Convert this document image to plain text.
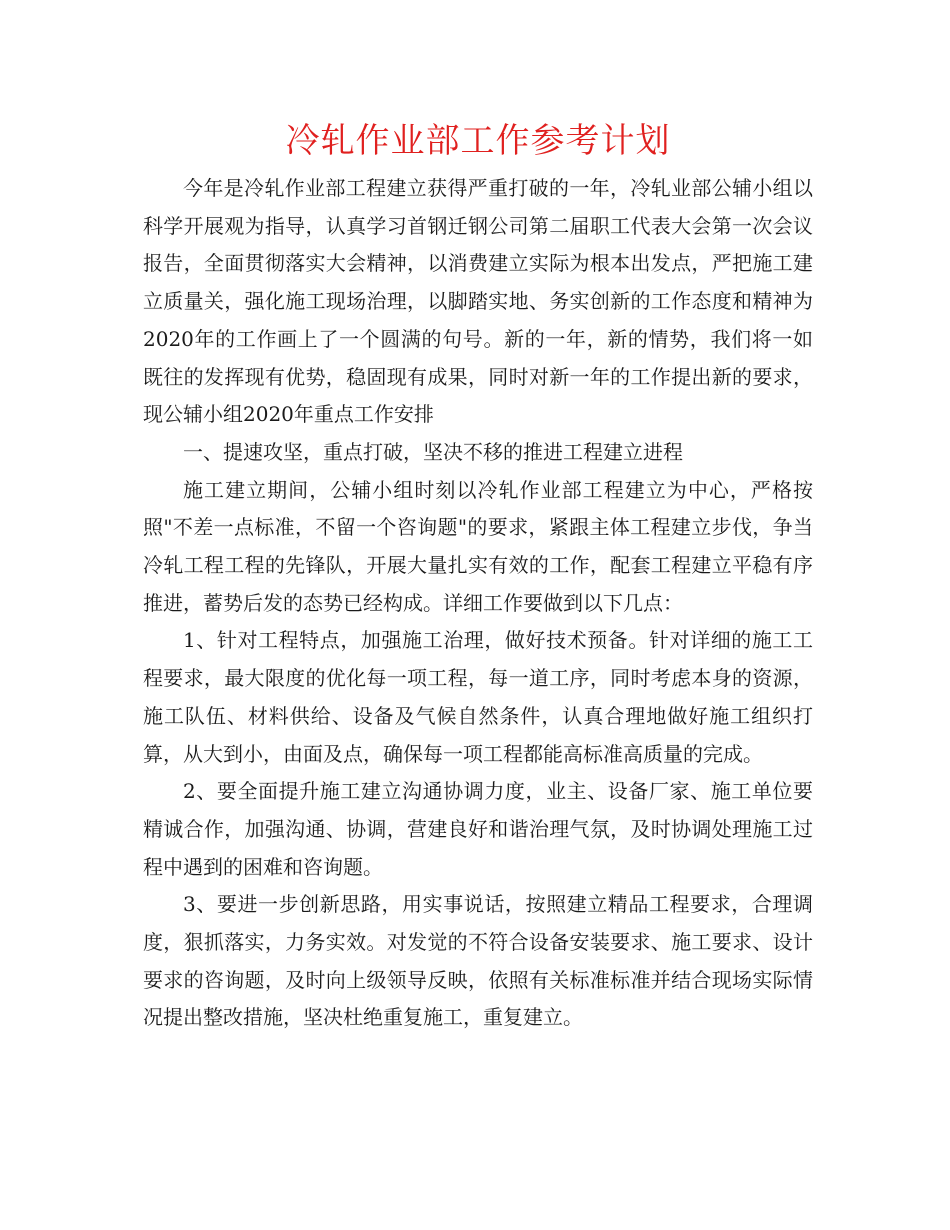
冷轧作业部工作参考计划

今年是冷轧作业部工程建立获得严重打破的一年，冷轧业部公辅小组以科学开展观为指导，认真学习首钢迁钢公司第二届职工代表大会第一次会议报告，全面贯彻落实大会精神，以消费建立实际为根本出发点，严把施工建立质量关，强化施工现场治理，以脚踏实地、务实创新的工作态度和精神为2020年的工作画上了一个圆满的句号。新的一年，新的情势，我们将一如既往的发挥现有优势，稳固现有成果，同时对新一年的工作提出新的要求，现公辅小组2020年重点工作安排

一、提速攻坚，重点打破，坚决不移的推进工程建立进程

施工建立期间，公辅小组时刻以冷轧作业部工程建立为中心，严格按照"不差一点标准，不留一个咨询题"的要求，紧跟主体工程建立步伐，争当冷轧工程工程的先锋队，开展大量扎实有效的工作，配套工程建立平稳有序推进，蓄势后发的态势已经构成。详细工作要做到以下几点：

1、针对工程特点，加强施工治理，做好技术预备。针对详细的施工工程要求，最大限度的优化每一项工程，每一道工序，同时考虑本身的资源，施工队伍、材料供给、设备及气候自然条件，认真合理地做好施工组织打算，从大到小，由面及点，确保每一项工程都能高标准高质量的完成。

2、要全面提升施工建立沟通协调力度，业主、设备厂家、施工单位要精诚合作，加强沟通、协调，营建良好和谐治理气氛，及时协调处理施工过程中遇到的困难和咨询题。

3、要进一步创新思路，用实事说话，按照建立精品工程要求，合理调度，狠抓落实，力务实效。对发觉的不符合设备安装要求、施工要求、设计要求的咨询题，及时向上级领导反映，依照有关标准标准并结合现场实际情况提出整改措施，坚决杜绝重复施工，重复建立。
